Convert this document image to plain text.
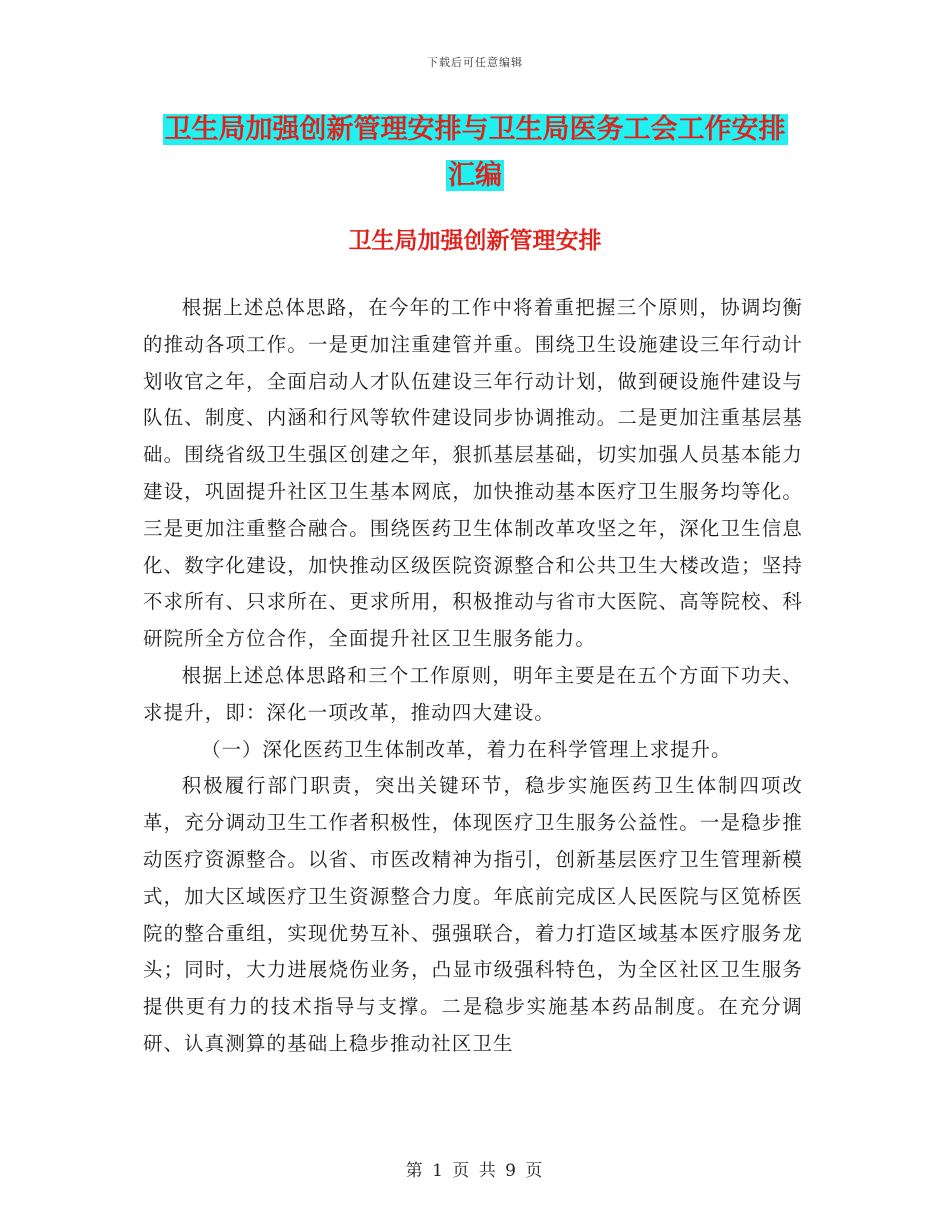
下载后可任意编辑
卫生局加强创新管理安排与卫生局医务工会工作安排
汇编
卫生局加强创新管理安排

根据上述总体思路，在今年的工作中将着重把握三个原则，协调均衡的推动各项工作。一是更加注重建管并重。围绕卫生设施建设三年行动计划收官之年，全面启动人才队伍建设三年行动计划，做到硬设施件建设与队伍、制度、内涵和行风等软件建设同步协调推动。二是更加注重基层基础。围绕省级卫生强区创建之年，狠抓基层基础，切实加强人员基本能力建设，巩固提升社区卫生基本网底，加快推动基本医疗卫生服务均等化。三是更加注重整合融合。围绕医药卫生体制改革攻坚之年，深化卫生信息化、数字化建设，加快推动区级医院资源整合和公共卫生大楼改造；坚持不求所有、只求所在、更求所用，积极推动与省市大医院、高等院校、科研院所全方位合作，全面提升社区卫生服务能力。

根据上述总体思路和三个工作原则，明年主要是在五个方面下功夫、求提升，即：深化一项改革，推动四大建设。

（一）深化医药卫生体制改革，着力在科学管理上求提升。

积极履行部门职责，突出关键环节，稳步实施医药卫生体制四项改革，充分调动卫生工作者积极性，体现医疗卫生服务公益性。一是稳步推动医疗资源整合。以省、市医改精神为指引，创新基层医疗卫生管理新模式，加大区域医疗卫生资源整合力度。年底前完成区人民医院与区笕桥医院的整合重组，实现优势互补、强强联合，着力打造区域基本医疗服务龙头；同时，大力进展烧伤业务，凸显市级强科特色，为全区社区卫生服务提供更有力的技术指导与支撑。二是稳步实施基本药品制度。在充分调研、认真测算的基础上稳步推动社区卫生

第 1 页 共 9 页
